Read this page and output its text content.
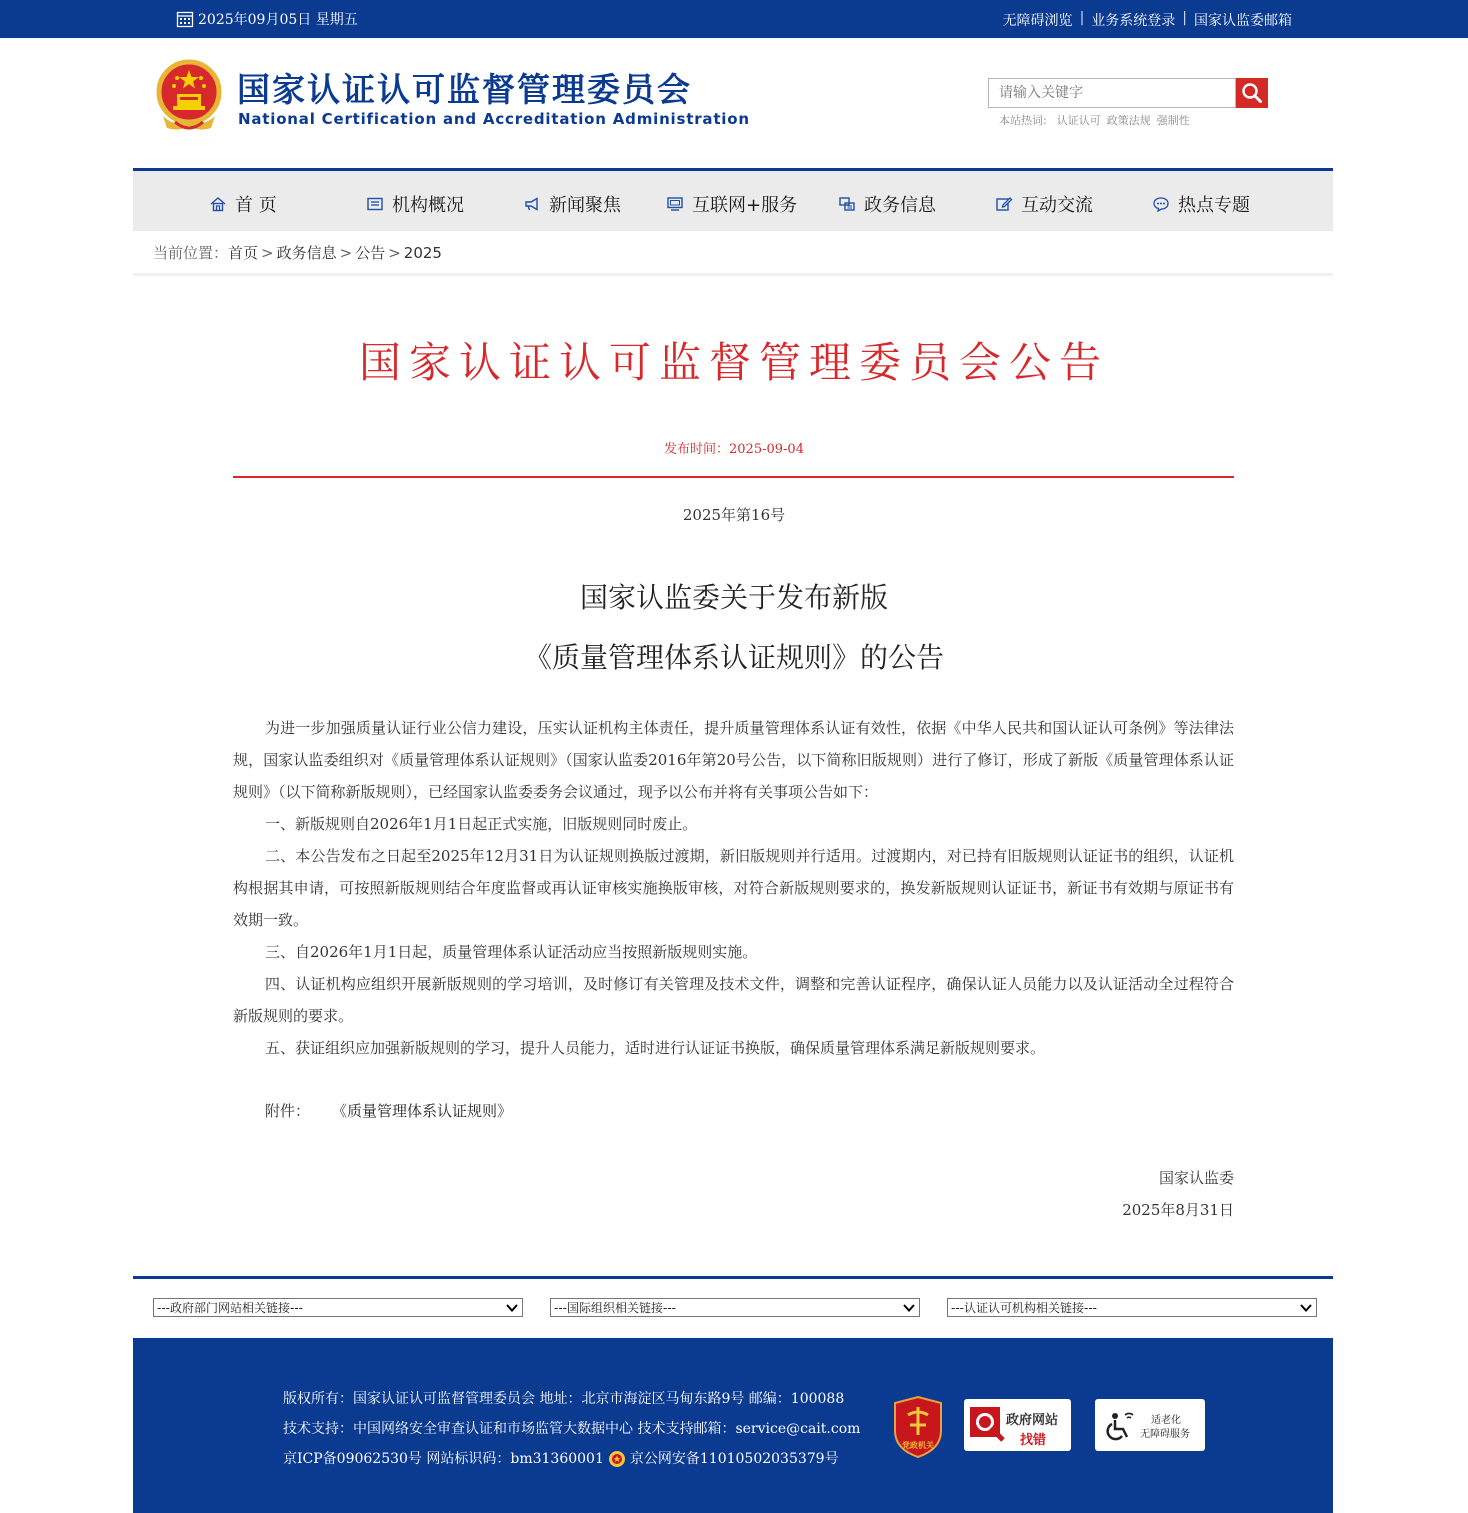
2025年09月05日 星期五	无障碍浏览 | 业务系统登录 | 国家认监委邮箱
国家认证认可监督管理委员会
National Certification and Accreditation Administration
请输入关键字	本站热词: 认证认可 政策法规 强制性
首 页	机构概况	新闻聚焦	互联网+服务	政务信息	互动交流	热点专题
当前位置： 首页 > 政务信息 > 公告 > 2025
国家认证认可监督管理委员会公告
发布时间：2025-09-04
2025年第16号
国家认监委关于发布新版
《质量管理体系认证规则》的公告

为进一步加强质量认证行业公信力建设，压实认证机构主体责任，提升质量管理体系认证有效性，依据《中华人民共和国认证认可条例》等法律法规，国家认监委组织对《质量管理体系认证规则》（国家认监委2016年第20号公告，以下简称旧版规则）进行了修订，形成了新版《质量管理体系认证规则》（以下简称新版规则），已经国家认监委委务会议通过，现予以公布并将有关事项公告如下：

一、新版规则自2026年1月1日起正式实施，旧版规则同时废止。

二、本公告发布之日起至2025年12月31日为认证规则换版过渡期，新旧版规则并行适用。过渡期内，对已持有旧版规则认证证书的组织，认证机构根据其申请，可按照新版规则结合年度监督或再认证审核实施换版审核，对符合新版规则要求的，换发新版规则认证证书，新证书有效期与原证书有效期一致。

三、自2026年1月1日起，质量管理体系认证活动应当按照新版规则实施。

四、认证机构应组织开展新版规则的学习培训，及时修订有关管理及技术文件，调整和完善认证程序，确保认证人员能力以及认证活动全过程符合新版规则的要求。

五、获证组织应加强新版规则的学习，提升人员能力，适时进行认证证书换版，确保质量管理体系满足新版规则要求。

附件： 《质量管理体系认证规则》
国家认监委
2025年8月31日
---政府部门网站相关链接---	---国际组织相关链接---	---认证认可机构相关链接---
版权所有：国家认证认可监督管理委员会 地址：北京市海淀区马甸东路9号 邮编：100088
技术支持：中国网络安全审查认证和市场监管大数据中心 技术支持邮箱：service@cait.com
京ICP备09062530号 网站标识码：bm31360001 京公网安备11010502035379号
党政机关
政府网站
找错
适老化
无障碍服务
